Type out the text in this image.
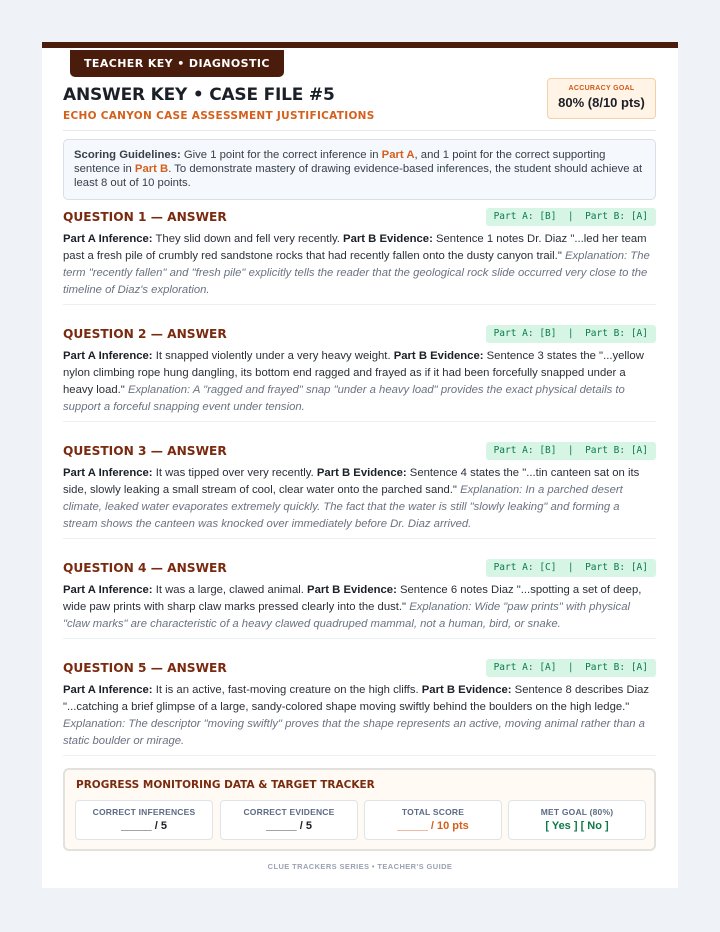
TEACHER KEY • DIAGNOSTIC
ANSWER KEY • CASE FILE #5
ECHO CANYON CASE ASSESSMENT JUSTIFICATIONS
ACCURACY GOAL
80% (8/10 pts)
Scoring Guidelines: Give 1 point for the correct inference in Part A, and 1 point for the correct supporting sentence in Part B. To demonstrate mastery of drawing evidence-based inferences, the student should achieve at least 8 out of 10 points.
QUESTION 1 — ANSWER	Part A: [B]  |  Part B: [A]
Part A Inference: They slid down and fell very recently. Part B Evidence: Sentence 1 notes Dr. Diaz "...led her team past a fresh pile of crumbly red sandstone rocks that had recently fallen onto the dusty canyon trail." Explanation: The term "recently fallen" and "fresh pile" explicitly tells the reader that the geological rock slide occurred very close to the timeline of Diaz's exploration.
QUESTION 2 — ANSWER	Part A: [B]  |  Part B: [A]
Part A Inference: It snapped violently under a very heavy weight. Part B Evidence: Sentence 3 states the "...yellow nylon climbing rope hung dangling, its bottom end ragged and frayed as if it had been forcefully snapped under a heavy load." Explanation: A "ragged and frayed" snap "under a heavy load" provides the exact physical details to support a forceful snapping event under tension.
QUESTION 3 — ANSWER	Part A: [B]  |  Part B: [A]
Part A Inference: It was tipped over very recently. Part B Evidence: Sentence 4 states the "...tin canteen sat on its side, slowly leaking a small stream of cool, clear water onto the parched sand." Explanation: In a parched desert climate, leaked water evaporates extremely quickly. The fact that the water is still "slowly leaking" and forming a stream shows the canteen was knocked over immediately before Dr. Diaz arrived.
QUESTION 4 — ANSWER	Part A: [C]  |  Part B: [A]
Part A Inference: It was a large, clawed animal. Part B Evidence: Sentence 6 notes Diaz "...spotting a set of deep, wide paw prints with sharp claw marks pressed clearly into the dust." Explanation: Wide "paw prints" with physical "claw marks" are characteristic of a heavy clawed quadruped mammal, not a human, bird, or snake.
QUESTION 5 — ANSWER	Part A: [A]  |  Part B: [A]
Part A Inference: It is an active, fast-moving creature on the high cliffs. Part B Evidence: Sentence 8 describes Diaz "...catching a brief glimpse of a large, sandy-colored shape moving swiftly behind the boulders on the high ledge." Explanation: The descriptor "moving swiftly" proves that the shape represents an active, moving animal rather than a static boulder or mirage.
PROGRESS MONITORING DATA & TARGET TRACKER
CORRECT INFERENCES
_____ / 5
CORRECT EVIDENCE
_____ / 5
TOTAL SCORE
_____ / 10 pts
MET GOAL (80%)
[ Yes ] [ No ]
CLUE TRACKERS SERIES • TEACHER'S GUIDE
